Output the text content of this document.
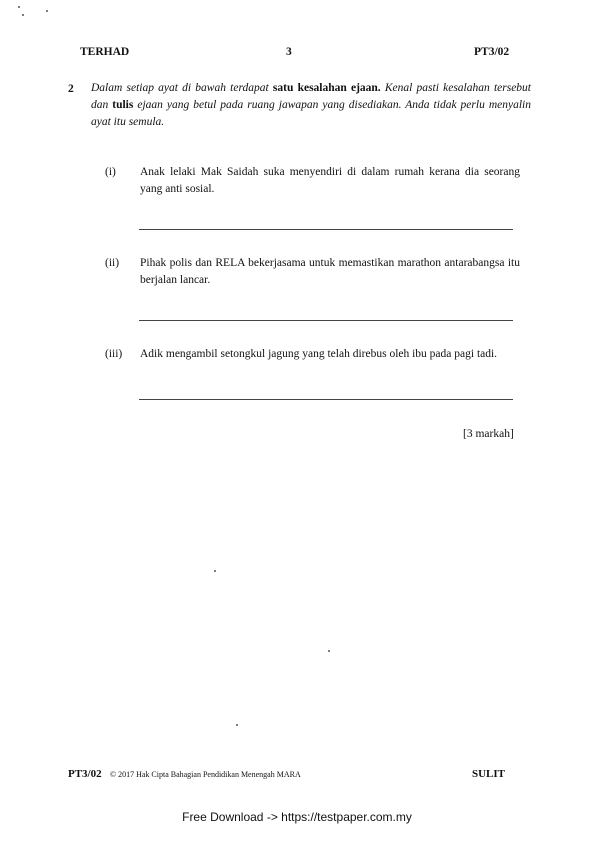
TERHAD	3	PT3/02
2 Dalam setiap ayat di bawah terdapat satu kesalahan ejaan. Kenal pasti kesalahan tersebut dan tulis ejaan yang betul pada ruang jawapan yang disediakan. Anda tidak perlu menyalin ayat itu semula.
(i) Anak lelaki Mak Saidah suka menyendiri di dalam rumah kerana dia seorang yang anti sosial.
(ii) Pihak polis dan RELA bekerjasama untuk memastikan marathon antarabangsa itu berjalan lancar.
(iii) Adik mengambil setongkul jagung yang telah direbus oleh ibu pada pagi tadi.
[3 markah]
PT3/02 © 2017 Hak Cipta Bahagian Pendidikan Menengah MARA	SULIT
Free Download -> https://testpaper.com.my
